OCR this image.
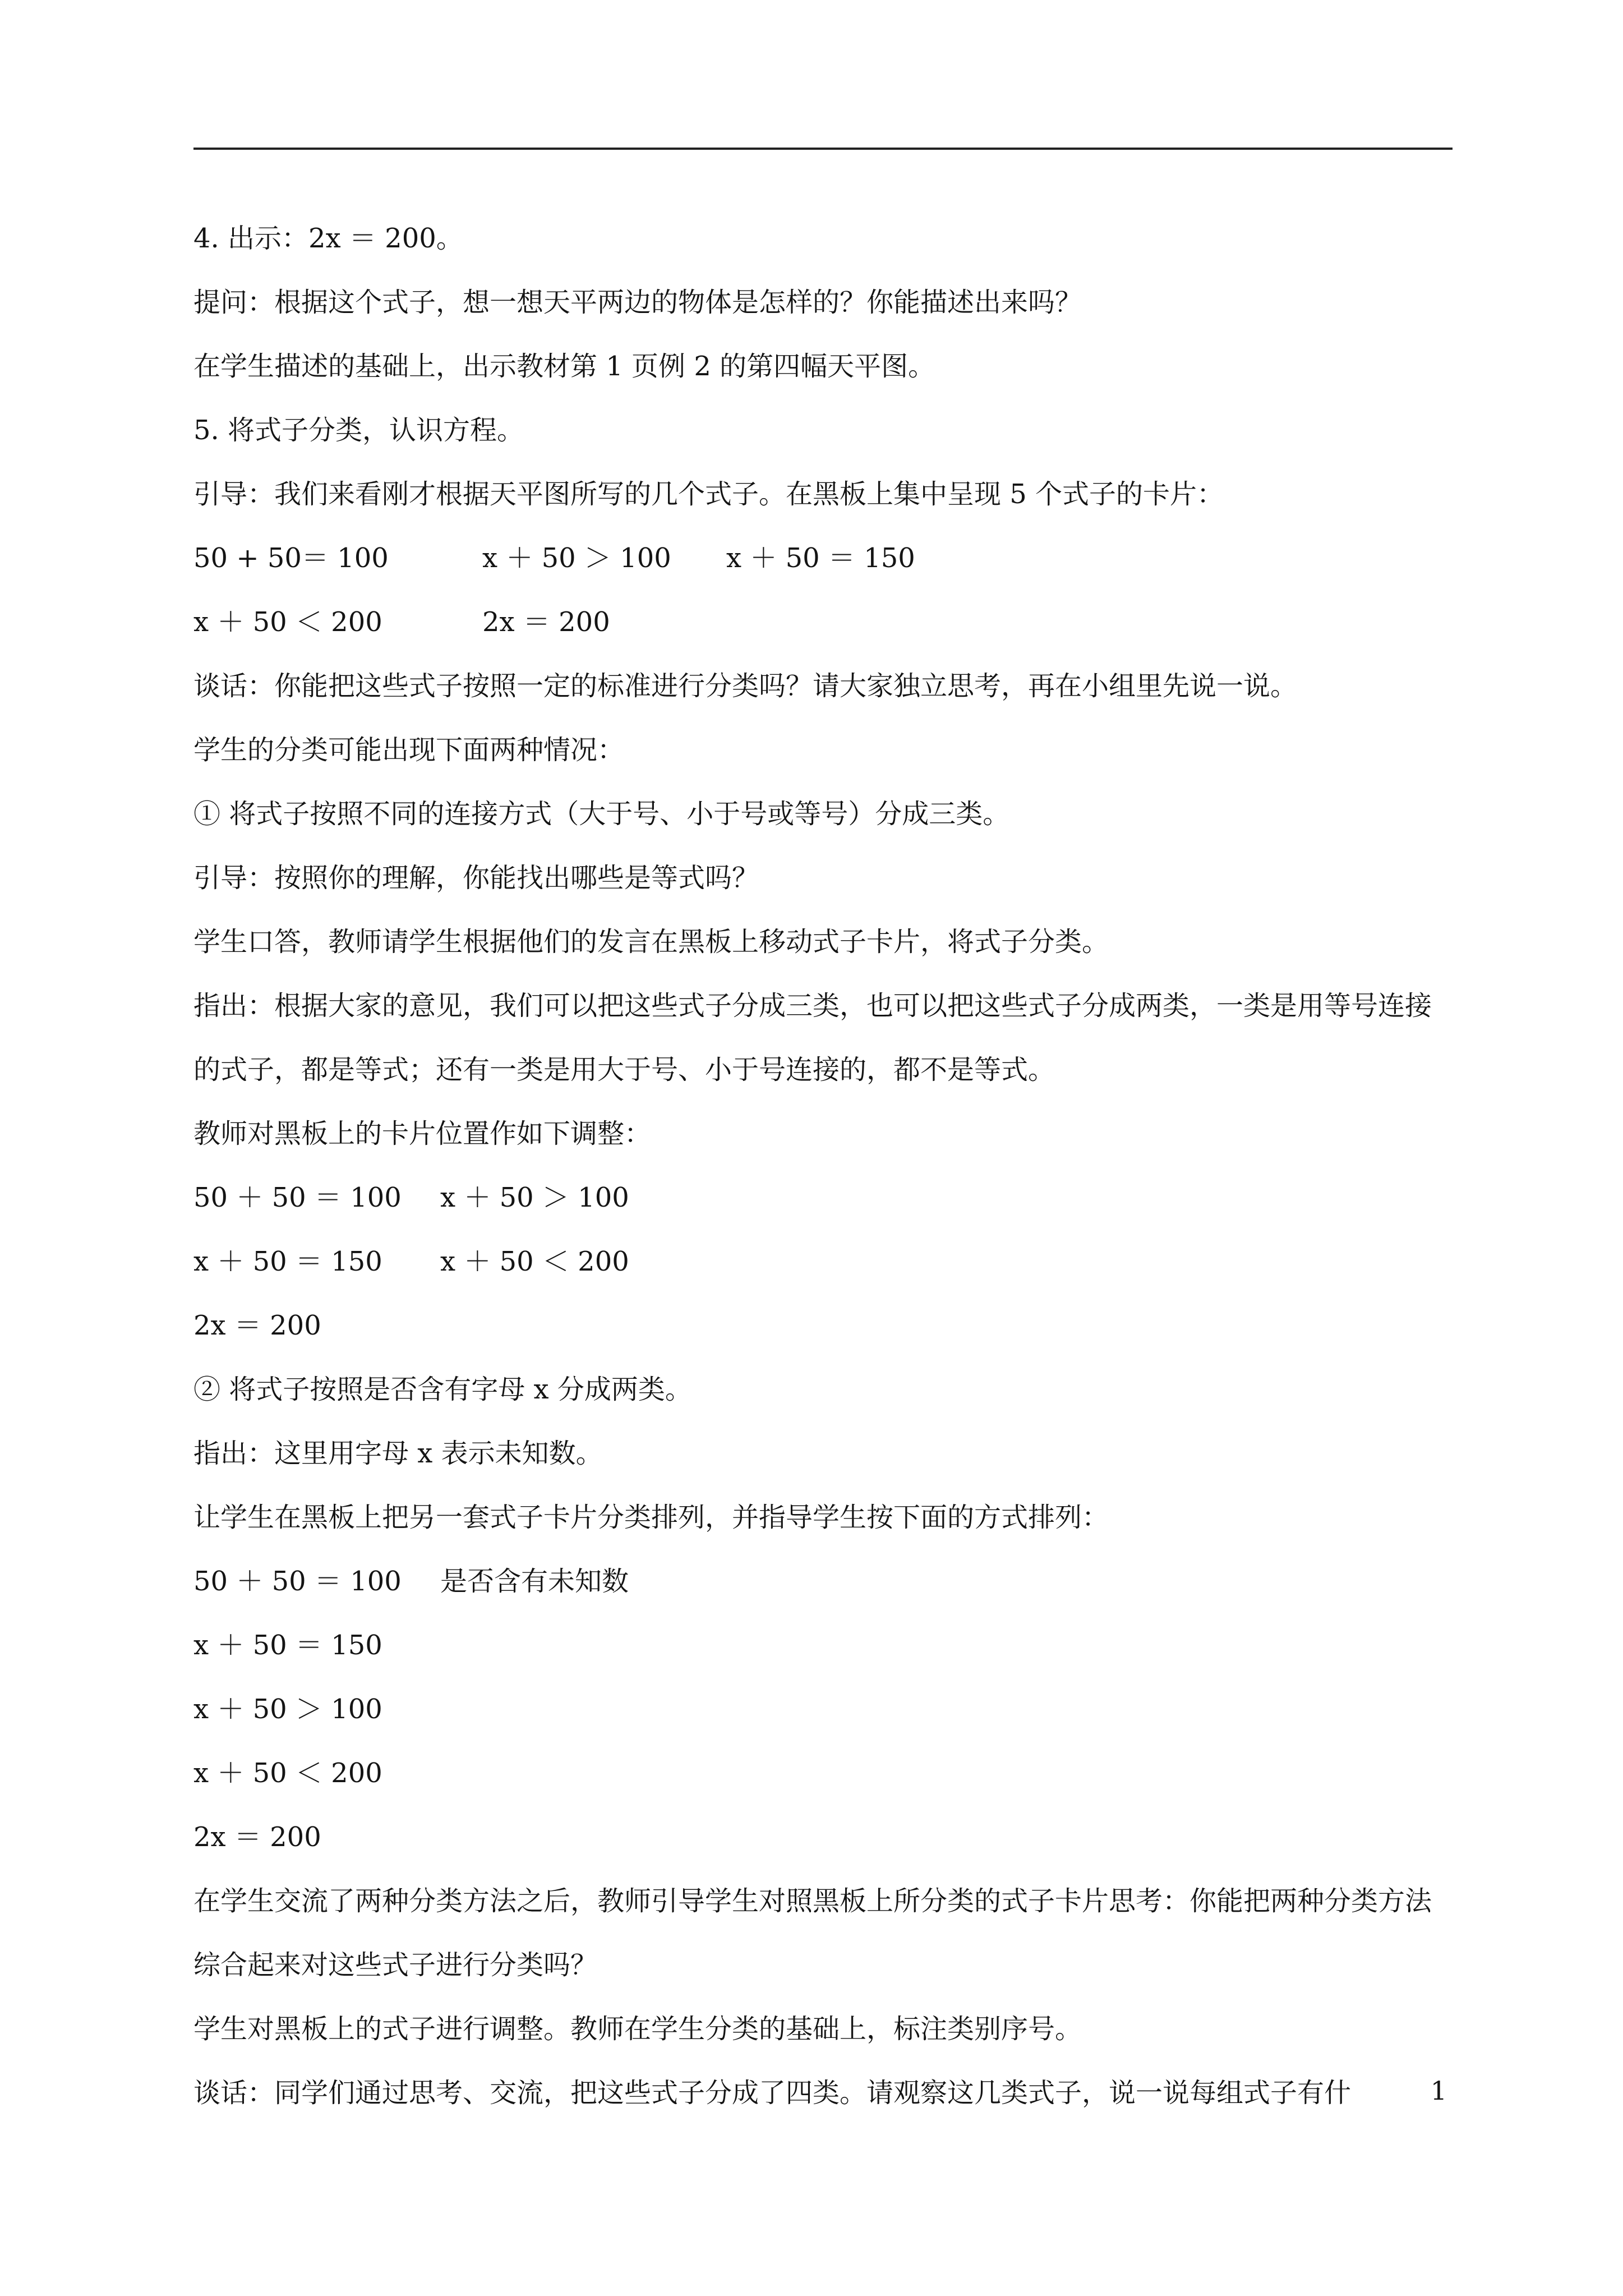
4. 出示：2x ＝ 200。
提问：根据这个式子，想一想天平两边的物体是怎样的？你能描述出来吗？
在学生描述的基础上，出示教材第 1 页例 2 的第四幅天平图。
5. 将式子分类，认识方程。
引导：我们来看刚才根据天平图所写的几个式子。在黑板上集中呈现 5 个式子的卡片：
50 + 50＝ 100	x ＋ 50 ＞ 100	x ＋ 50 ＝ 150
x ＋ 50 ＜ 200	2x ＝ 200
谈话：你能把这些式子按照一定的标准进行分类吗？请大家独立思考，再在小组里先说一说。
学生的分类可能出现下面两种情况：
① 将式子按照不同的连接方式（大于号、小于号或等号）分成三类。
引导：按照你的理解，你能找出哪些是等式吗？
学生口答，教师请学生根据他们的发言在黑板上移动式子卡片，将式子分类。
指出：根据大家的意见，我们可以把这些式子分成三类，也可以把这些式子分成两类，一类是用等号连接的式子，都是等式；还有一类是用大于号、小于号连接的，都不是等式。
教师对黑板上的卡片位置作如下调整：
50 ＋ 50 ＝ 100	x ＋ 50 ＞ 100
x ＋ 50 ＝ 150	x ＋ 50 ＜ 200
2x ＝ 200
② 将式子按照是否含有字母 x 分成两类。
指出：这里用字母 x 表示未知数。
让学生在黑板上把另一套式子卡片分类排列，并指导学生按下面的方式排列：
50 ＋ 50 ＝ 100	是否含有未知数
x ＋ 50 ＝ 150
x ＋ 50 ＞ 100
x ＋ 50 ＜ 200
2x ＝ 200
在学生交流了两种分类方法之后，教师引导学生对照黑板上所分类的式子卡片思考：你能把两种分类方法综合起来对这些式子进行分类吗？
学生对黑板上的式子进行调整。教师在学生分类的基础上，标注类别序号。
谈话：同学们通过思考、交流，把这些式子分成了四类。请观察这几类式子，说一说每组式子有什	1
